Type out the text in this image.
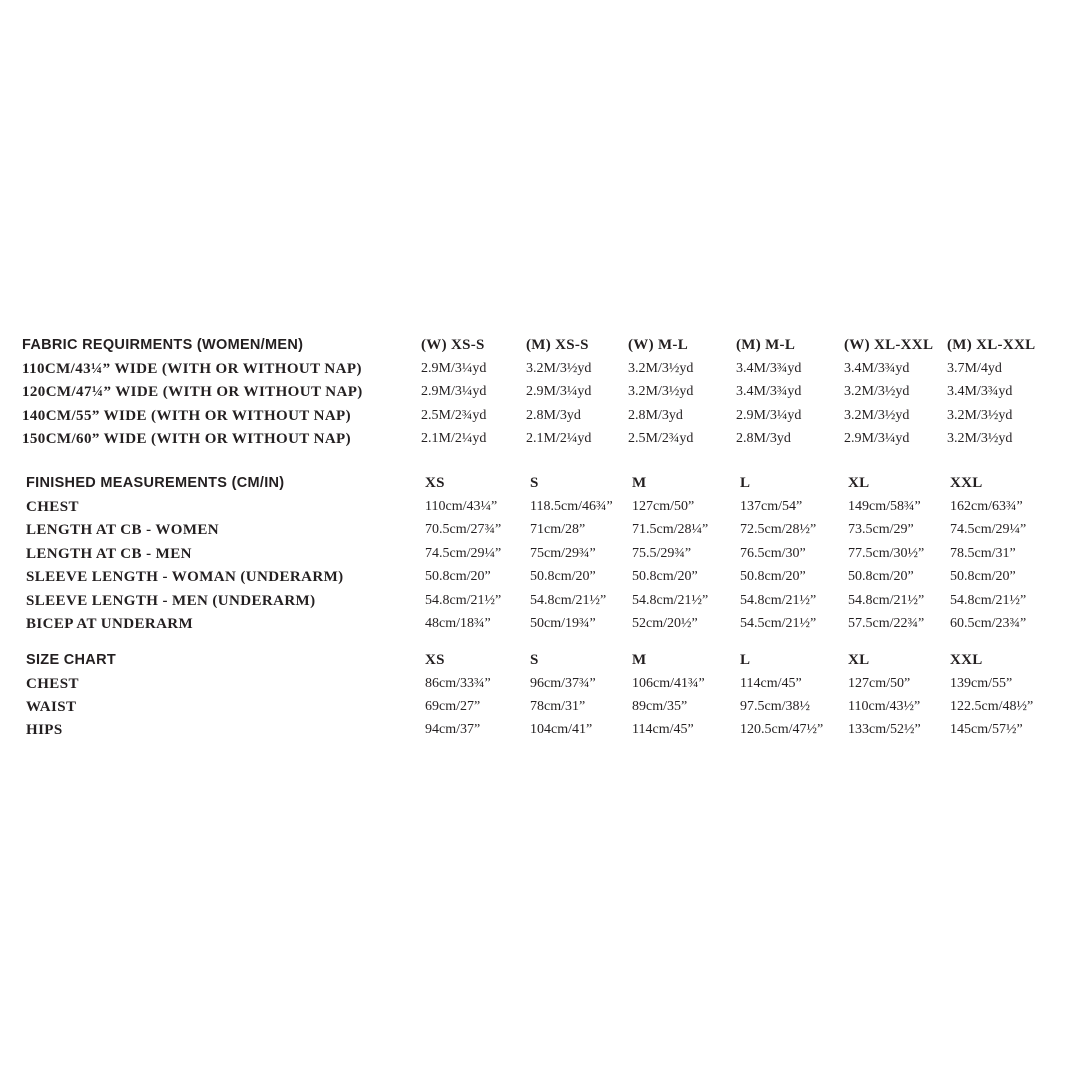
FABRIC REQUIRMENTS (WOMEN/MEN)	(W) XS-S	(M) XS-S	(W) M-L	(M) M-L	(W) XL-XXL (M) XL-XXL
110CM/43¼” WIDE (WITH OR WITHOUT NAP)	2.9M/3¼yd	3.2M/3½yd	3.2M/3½yd	3.4M/3¾yd	3.4M/3¾yd	3.7M/4yd
120CM/47¼” WIDE (WITH OR WITHOUT NAP)	2.9M/3¼yd	2.9M/3¼yd	3.2M/3½yd	3.4M/3¾yd	3.2M/3½yd	3.4M/3¾yd
140CM/55” WIDE (WITH OR WITHOUT NAP)	2.5M/2¾yd	2.8M/3yd	2.8M/3yd	2.9M/3¼yd	3.2M/3½yd	3.2M/3½yd
150CM/60” WIDE (WITH OR WITHOUT NAP)	2.1M/2¼yd	2.1M/2¼yd	2.5M/2¾yd	2.8M/3yd	2.9M/3¼yd	3.2M/3½yd
FINISHED MEASUREMENTS (CM/IN)	XS	S	M	L	XL	XXL
CHEST	110cm/43¼” 118.5cm/46¾” 127cm/50”	137cm/54”	149cm/58¾” 162cm/63¾”
LENGTH AT CB - WOMEN	70.5cm/27¾” 71cm/28”	71.5cm/28¼” 72.5cm/28½” 73.5cm/29”	74.5cm/29¼”
LENGTH AT CB - MEN	74.5cm/29¼” 75cm/29¾”	75.5/29¾”	76.5cm/30”	77.5cm/30½” 78.5cm/31”
SLEEVE LENGTH - WOMAN (UNDERARM)	50.8cm/20”	50.8cm/20”	50.8cm/20”	50.8cm/20”	50.8cm/20”	50.8cm/20”
SLEEVE LENGTH - MEN (UNDERARM)	54.8cm/21½” 54.8cm/21½” 54.8cm/21½” 54.8cm/21½” 54.8cm/21½” 54.8cm/21½”
BICEP AT UNDERARM	48cm/18¾”	50cm/19¾”	52cm/20½”	54.5cm/21½” 57.5cm/22¾” 60.5cm/23¾”
SIZE CHART	XS	S	M	L	XL	XXL
CHEST	86cm/33¾”	96cm/37¾”	106cm/41¾”	114cm/45”	127cm/50”	139cm/55”
WAIST	69cm/27”	78cm/31”	89cm/35”	97.5cm/38½	110cm/43½” 122.5cm/48½”
HIPS	94cm/37”	104cm/41”	114cm/45”	120.5cm/47½” 133cm/52½” 145cm/57½”
